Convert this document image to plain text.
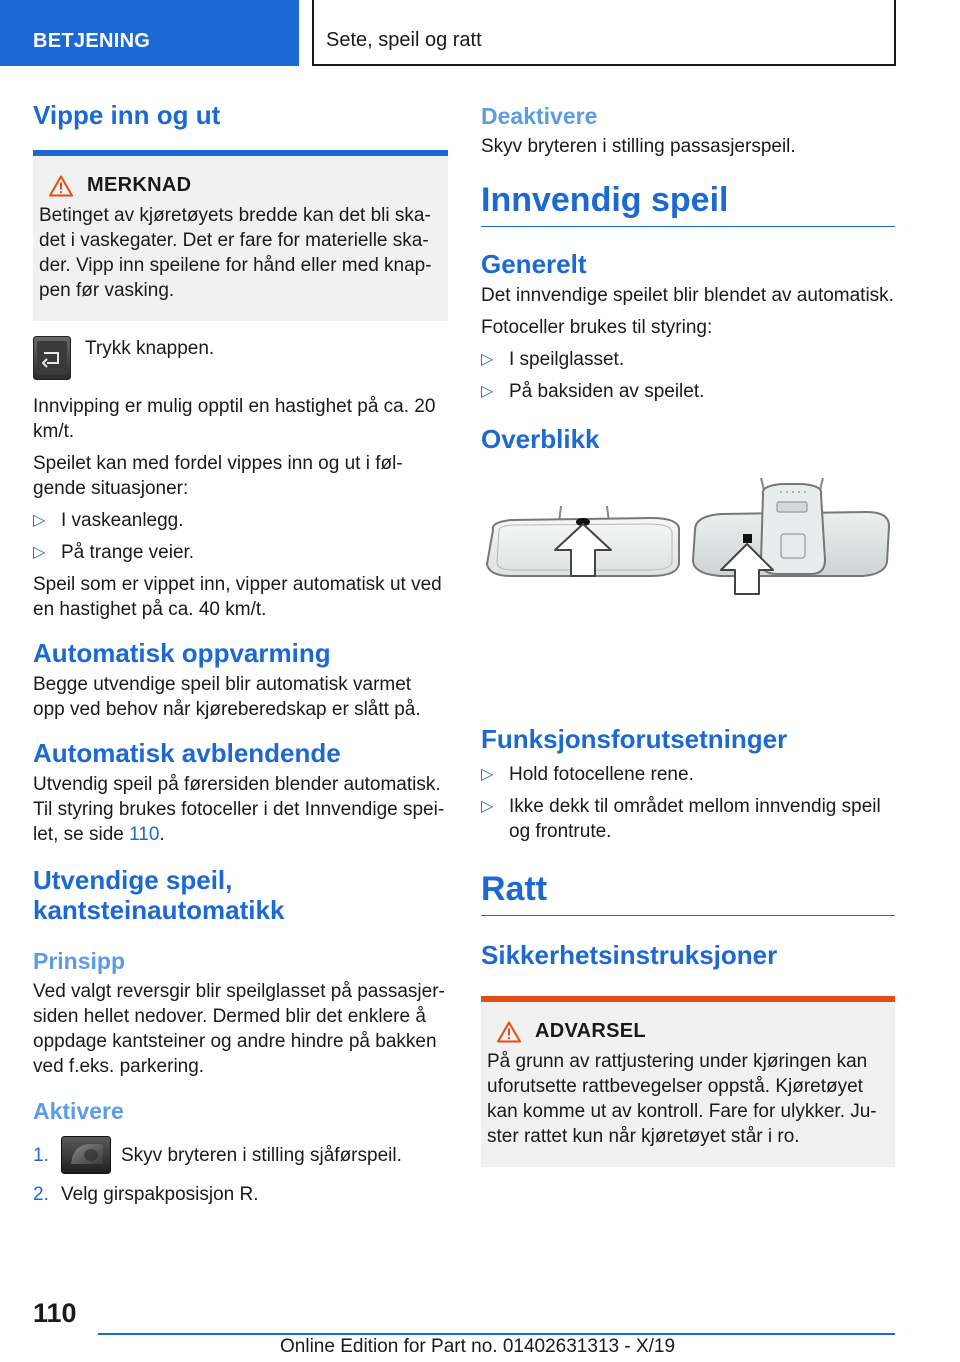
BETJENING	Sete, speil og ratt
Vippe inn og ut
MERKNAD

Betinget av kjøretøyets bredde kan det bli ska-det i vaskegater. Det er fare for materielle ska-der. Vipp inn speilene for hånd eller med knap-pen før vasking.

Trykk knappen.

Innvipping er mulig opptil en hastighet på ca. 20 km/t.

Speilet kan med fordel vippes inn og ut i føl-gende situasjoner:

▷ I vaskeanlegg.
▷ På trange veier.

Speil som er vippet inn, vipper automatisk ut ved en hastighet på ca. 40 km/t.

Automatisk oppvarming

Begge utvendige speil blir automatisk varmet opp ved behov når kjøreberedskap er slått på.

Automatisk avblendende

Utvendig speil på førersiden blender automatisk. Til styring brukes fotoceller i det Innvendige spei-let, se side 110.

Utvendige speil,
kantsteinautomatikk
Prinsipp

Ved valgt reversgir blir speilglasset på passasjer-siden hellet nedover. Dermed blir det enklere å oppdage kantsteiner og andre hindre på bakken ved f.eks. parkering.

Aktivere
1.	Skyv bryteren i stilling sjåførspeil.
2. Velg girspakposisjon R.
Deaktivere

Skyv bryteren i stilling passasjerspeil.

Innvendig speil
Generelt

Det innvendige speilet blir blendet av automatisk.

Fotoceller brukes til styring:

▷ I speilglasset.
▷ På baksiden av speilet.
Overblikk
Funksjonsforutsetninger
▷ Hold fotocellene rene.
▷ Ikke dekk til området mellom innvendig speil og frontrute.
Ratt
Sikkerhetsinstruksjoner
ADVARSEL

På grunn av rattjustering under kjøringen kan uforutsette rattbevegelser oppstå. Kjøretøyet kan komme ut av kontroll. Fare for ulykker. Ju-ster rattet kun når kjøretøyet står i ro.

110
Online Edition for Part no. 01402631313 - X/19
